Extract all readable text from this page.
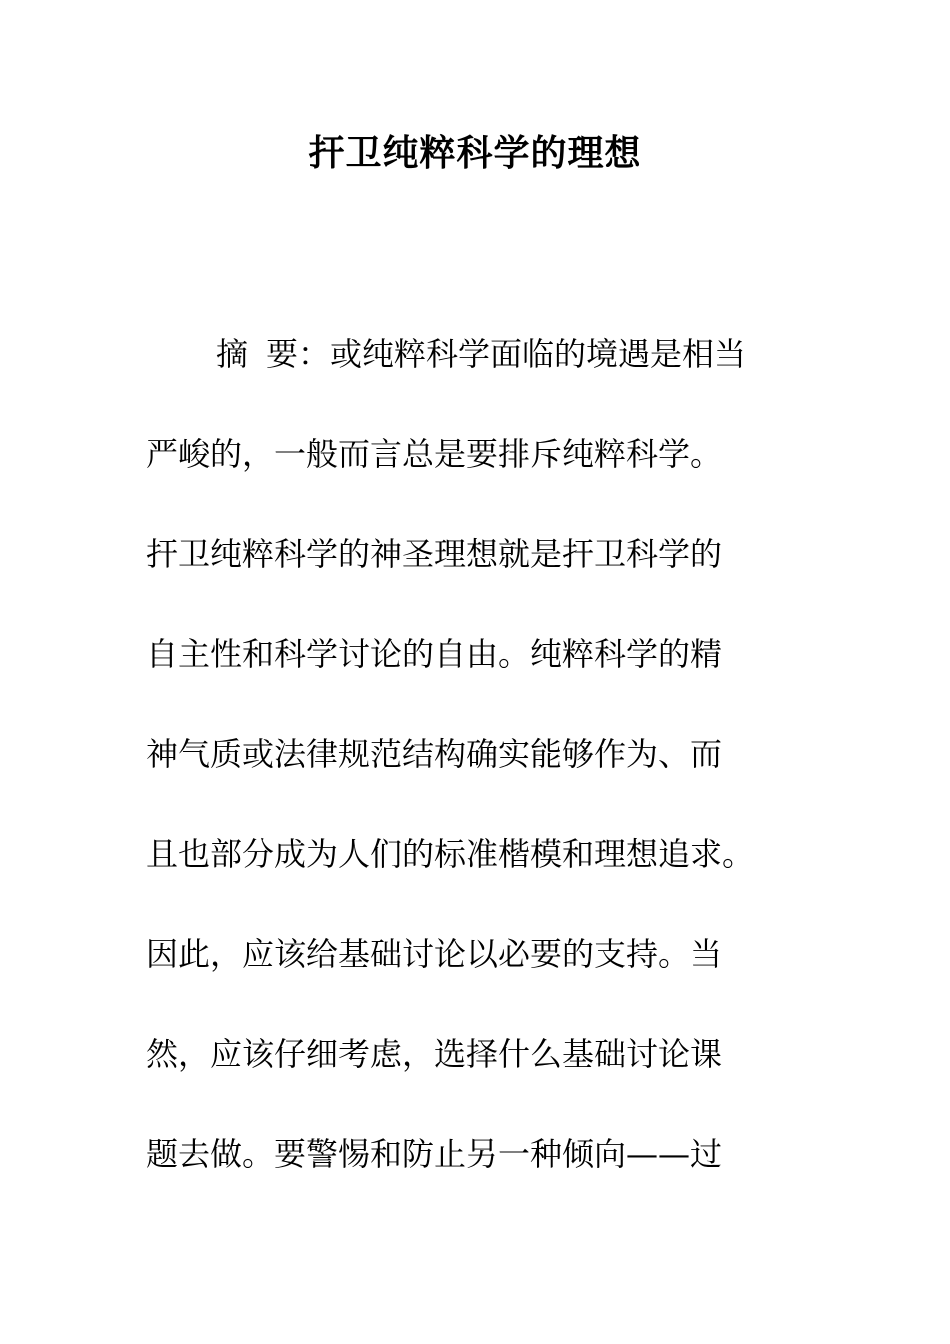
扞卫纯粹科学的理想
摘 要：或纯粹科学面临的境遇是相当
严峻的，一般而言总是要排斥纯粹科学。
扞卫纯粹科学的神圣理想就是扞卫科学的
自主性和科学讨论的自由。纯粹科学的精
神气质或法律规范结构确实能够作为、而
且也部分成为人们的标准楷模和理想追求。
因此，应该给基础讨论以必要的支持。当
然，应该仔细考虑，选择什么基础讨论课
题去做。要警惕和防止另一种倾向——过
